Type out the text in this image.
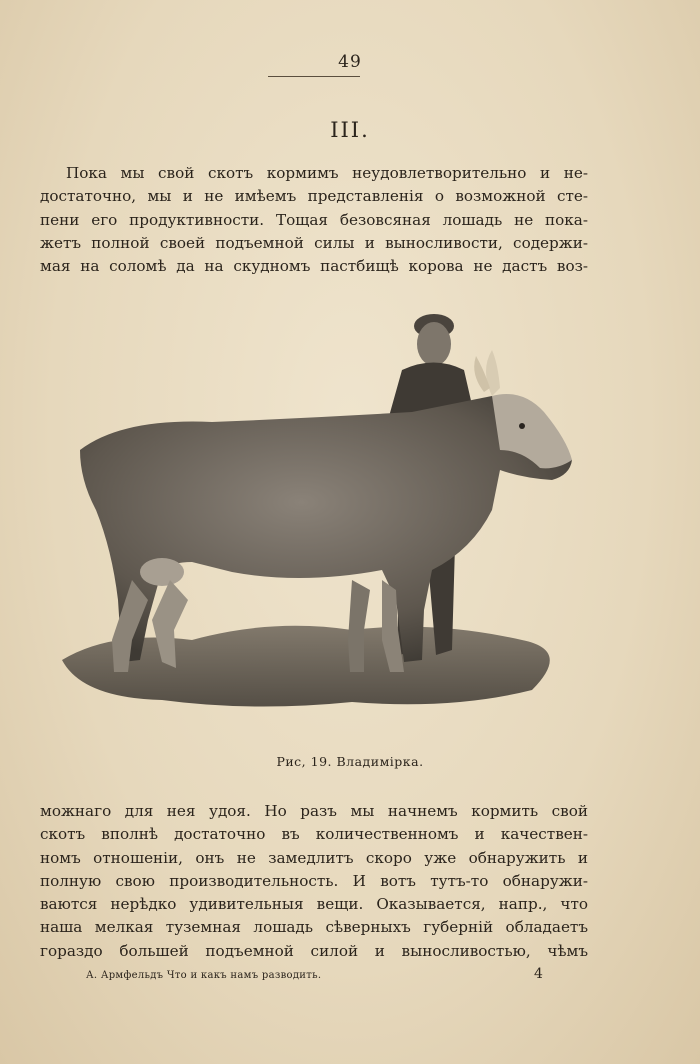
49
III.
Пока мы свой скотъ кормимъ неудовлетворительно и не-
достаточно, мы и не имѣемъ представленія о возможной сте-
пени его продуктивности. Тощая безовсяная лошадь не пока-
жетъ полной своей подъемной силы и выносливости, содержи-
мая на соломѣ да на скудномъ пастбищѣ корова не дастъ воз-
Рис, 19. Владимірка.
можнаго для нея удоя. Но разъ мы начнемъ кормить свой
скотъ вполнѣ достаточно въ количественномъ и качествен-
номъ отношеніи, онъ не замедлитъ скоро уже обнаружить и
полную свою производительность. И вотъ тутъ-то обнаружи-
ваются нерѣдко удивительныя вещи. Оказывается, напр., что
наша мелкая туземная лошадь сѣверныхъ губерній обладаетъ
гораздо большей подъемной силой и выносливостью, чѣмъ
А. Армфельдъ Что и какъ намъ разводить.	4
